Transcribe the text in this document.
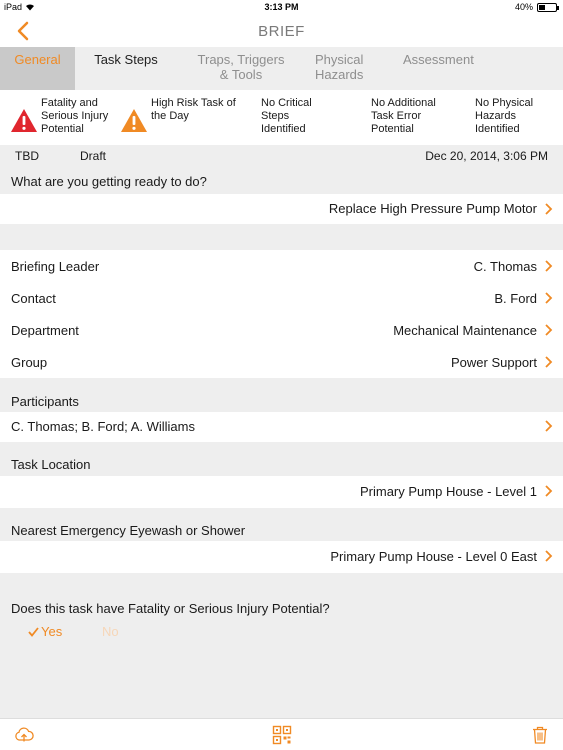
iPad	3:13 PM	40%
BRIEF
General	Task Steps	Traps, Triggers & Tools
Physical Hazards
Assessment
Fatality and Serious Injury Potential
High Risk Task of the Day
No Critical Steps Identified
No Additional Task Error Potential
No Physical Hazards Identified
TBD	Draft	Dec 20, 2014, 3:06 PM
What are you getting ready to do?
Replace High Pressure Pump Motor
Briefing Leader	C. Thomas
Contact	B. Ford
Department	Mechanical Maintenance
Group	Power Support
Participants
C. Thomas; B. Ford; A. Williams
Task Location
Primary Pump House - Level 1
Nearest Emergency Eyewash or Shower
Primary Pump House - Level 0 East
Does this task have Fatality or Serious Injury Potential?
Yes	No
